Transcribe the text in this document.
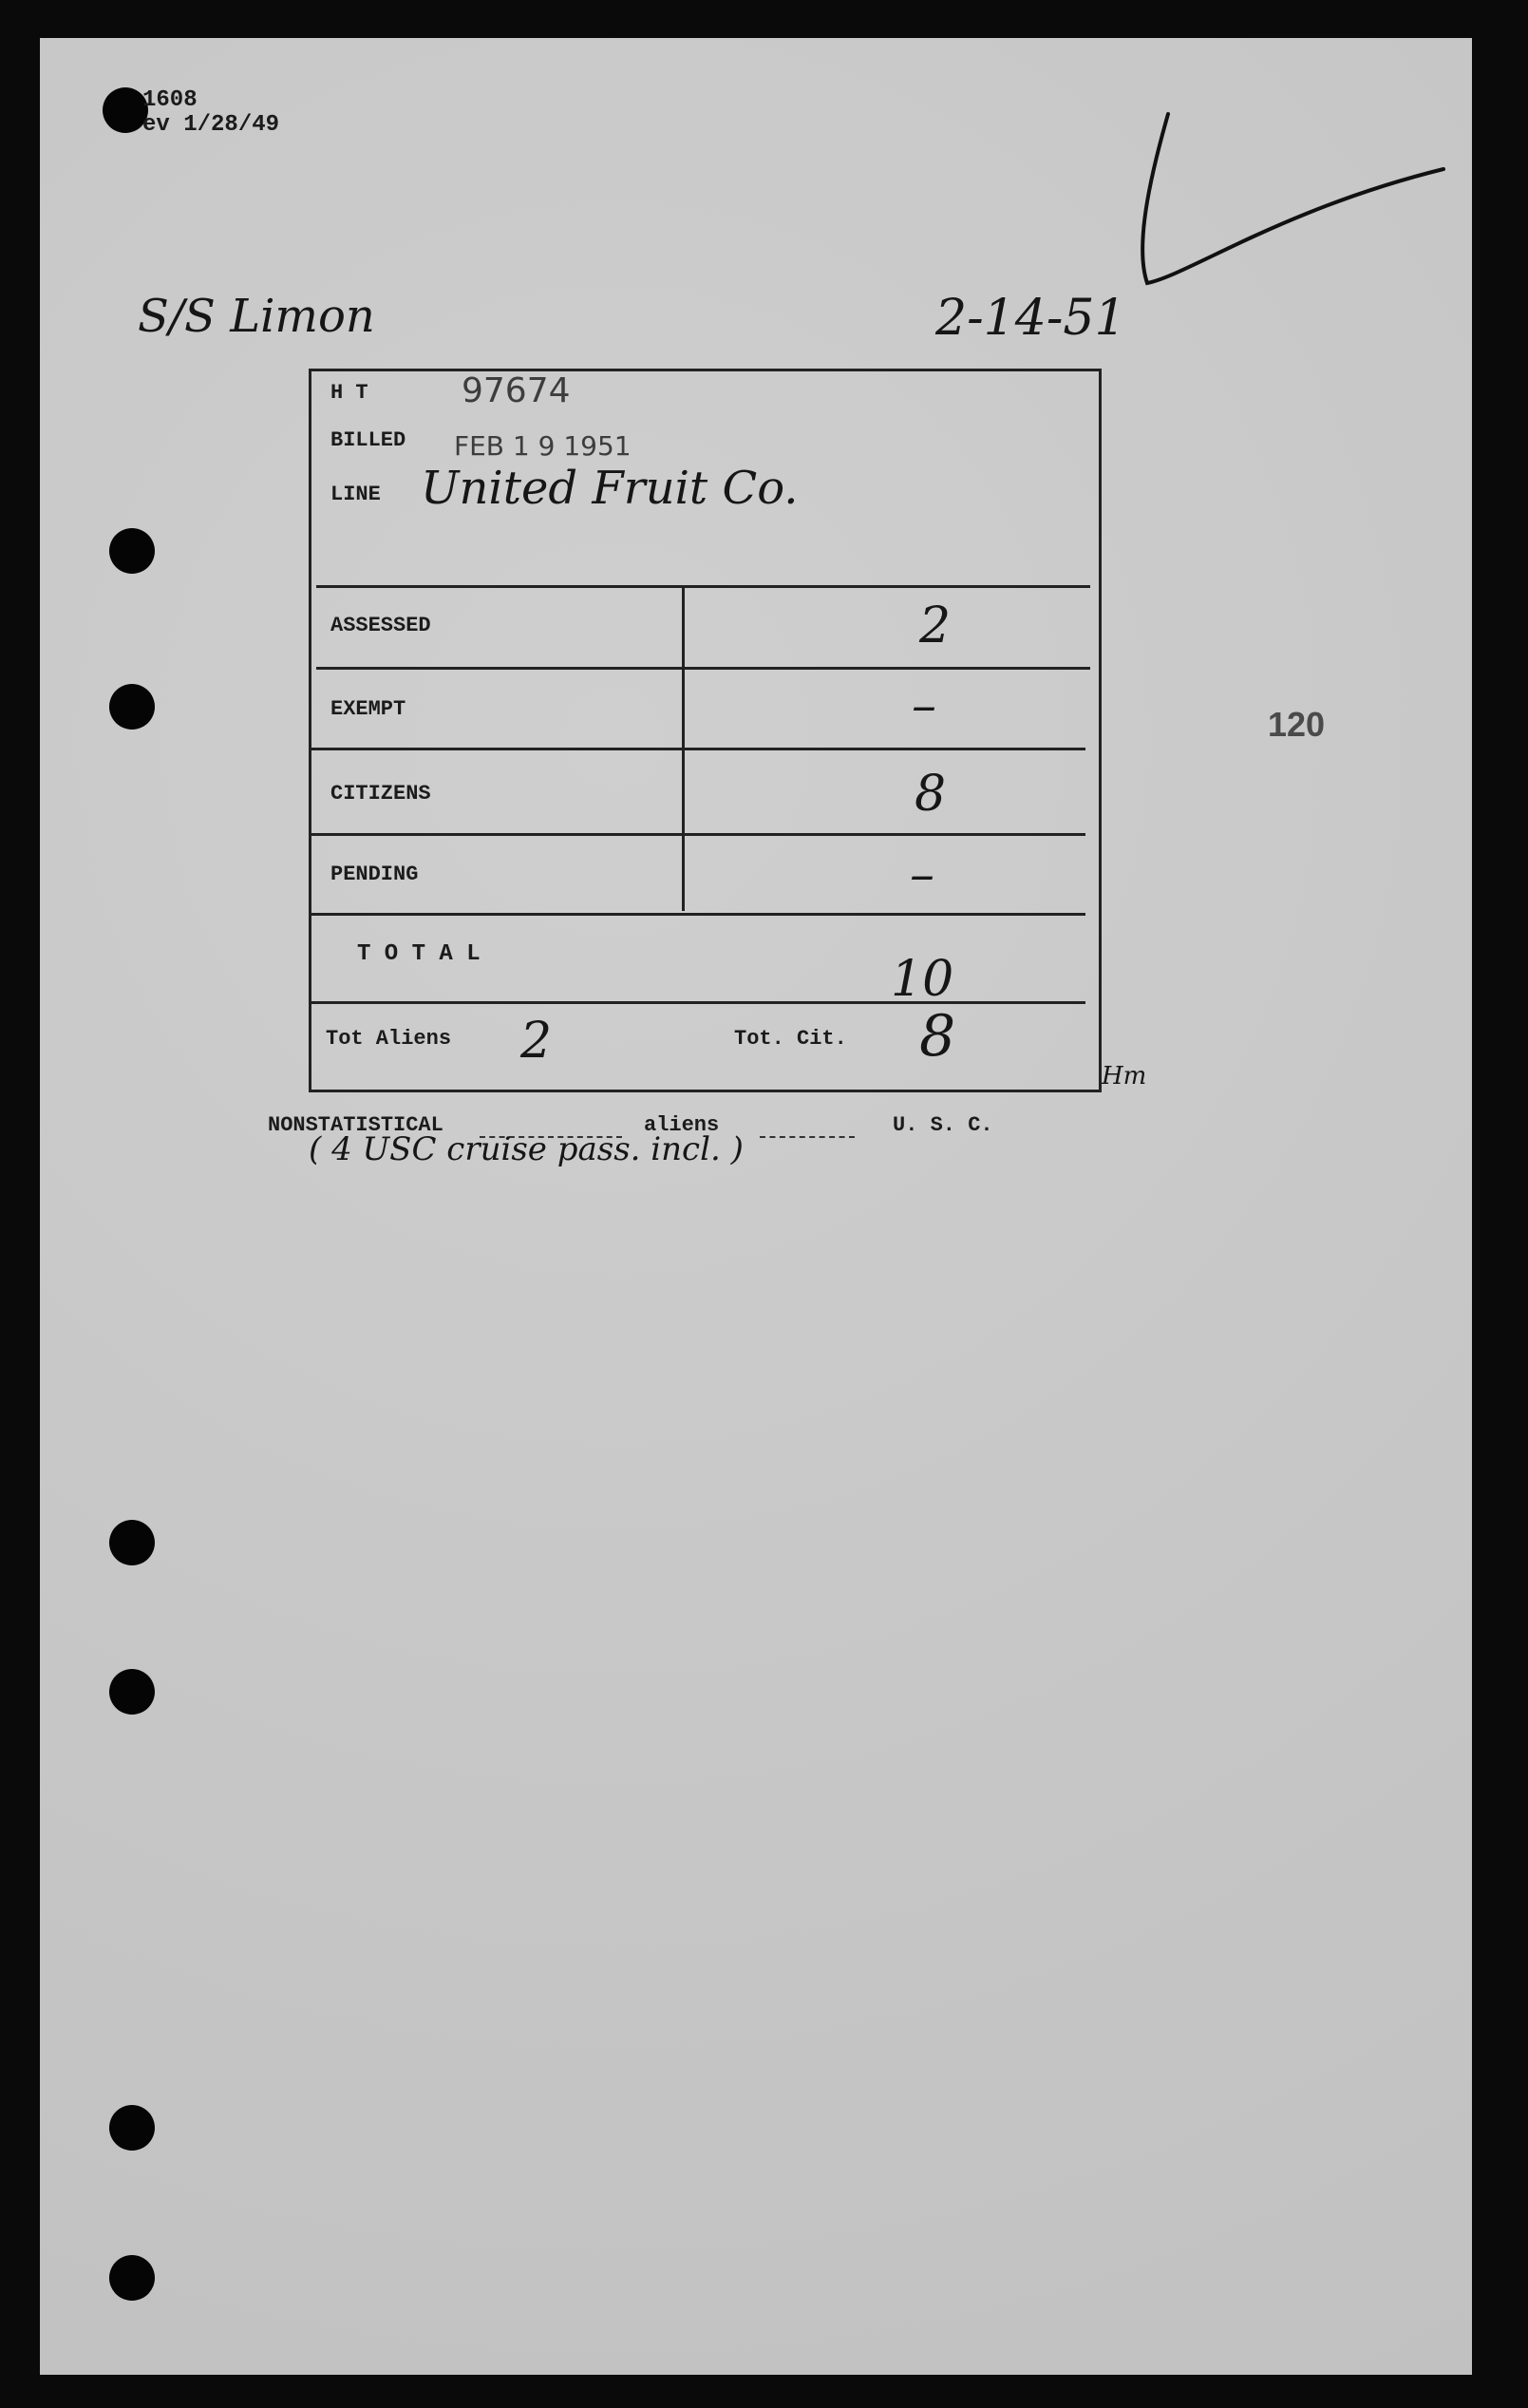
1608
ev 1/28/49
S/S Limon	2-14-51
H T	97674
BILLED FEB 1 9 1951
LINE United Fruit Co.
ASSESSED	2
EXEMPT	–
CITIZENS	8
PENDING	–
T O T A L	10
Tot Aliens 2	Tot. Cit. 8
Hm
NONSTATISTICAL	aliens	U. S. C.
( 4 USC cruise pass. incl. )
120
